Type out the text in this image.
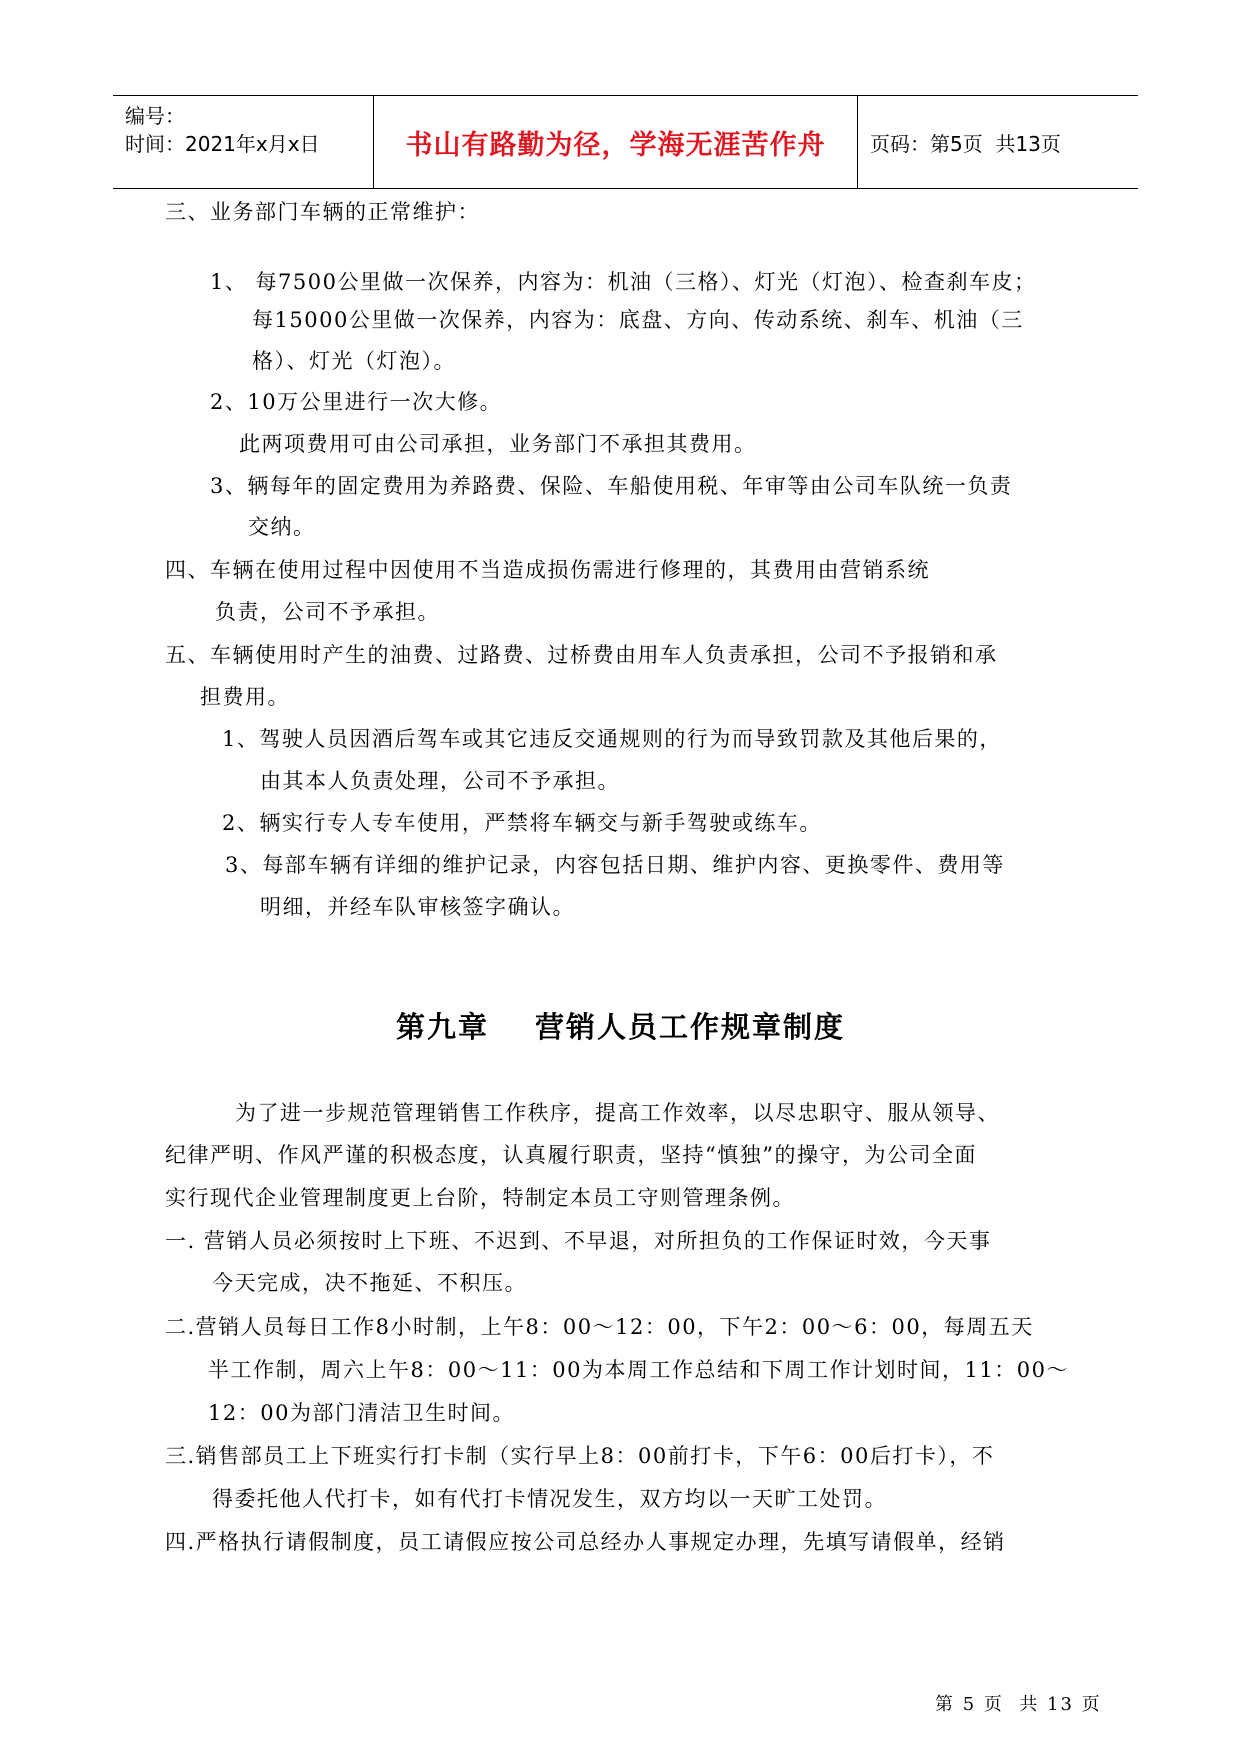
编号：
时间：2021年x月x日	书山有路勤为径，学海无涯苦作舟	页码：第5页  共13页
三、业务部门车辆的正常维护：
1、 每7500公里做一次保养，内容为：机油（三格）、灯光（灯泡）、检查刹车皮；
每15000公里做一次保养，内容为：底盘、方向、传动系统、刹车、机油（三
格）、灯光（灯泡）。
2、10万公里进行一次大修。
此两项费用可由公司承担，业务部门不承担其费用。
3、辆每年的固定费用为养路费、保险、车船使用税、年审等由公司车队统一负责
交纳。
四、车辆在使用过程中因使用不当造成损伤需进行修理的，其费用由营销系统
负责，公司不予承担。
五、车辆使用时产生的油费、过路费、过桥费由用车人负责承担，公司不予报销和承
担费用。
1、驾驶人员因酒后驾车或其它违反交通规则的行为而导致罚款及其他后果的，
由其本人负责处理，公司不予承担。
2、辆实行专人专车使用，严禁将车辆交与新手驾驶或练车。
3、每部车辆有详细的维护记录，内容包括日期、维护内容、更换零件、费用等
明细，并经车队审核签字确认。
第九章 营销人员工作规章制度
为了进一步规范管理销售工作秩序，提高工作效率，以尽忠职守、服从领导、
纪律严明、作风严谨的积极态度，认真履行职责，坚持“慎独”的操守，为公司全面
实行现代企业管理制度更上台阶，特制定本员工守则管理条例。
一. 营销人员必须按时上下班、不迟到、不早退，对所担负的工作保证时效，今天事
今天完成，决不拖延、不积压。
二.营销人员每日工作8小时制，上午8：00～12：00，下午2：00～6：00，每周五天
半工作制，周六上午8：00～11：00为本周工作总结和下周工作计划时间，11：00～
12：00为部门清洁卫生时间。
三.销售部员工上下班实行打卡制（实行早上8：00前打卡，下午6：00后打卡），不
得委托他人代打卡，如有代打卡情况发生，双方均以一天旷工处罚。
四.严格执行请假制度，员工请假应按公司总经办人事规定办理，先填写请假单，经销
第 5 页  共 13 页
